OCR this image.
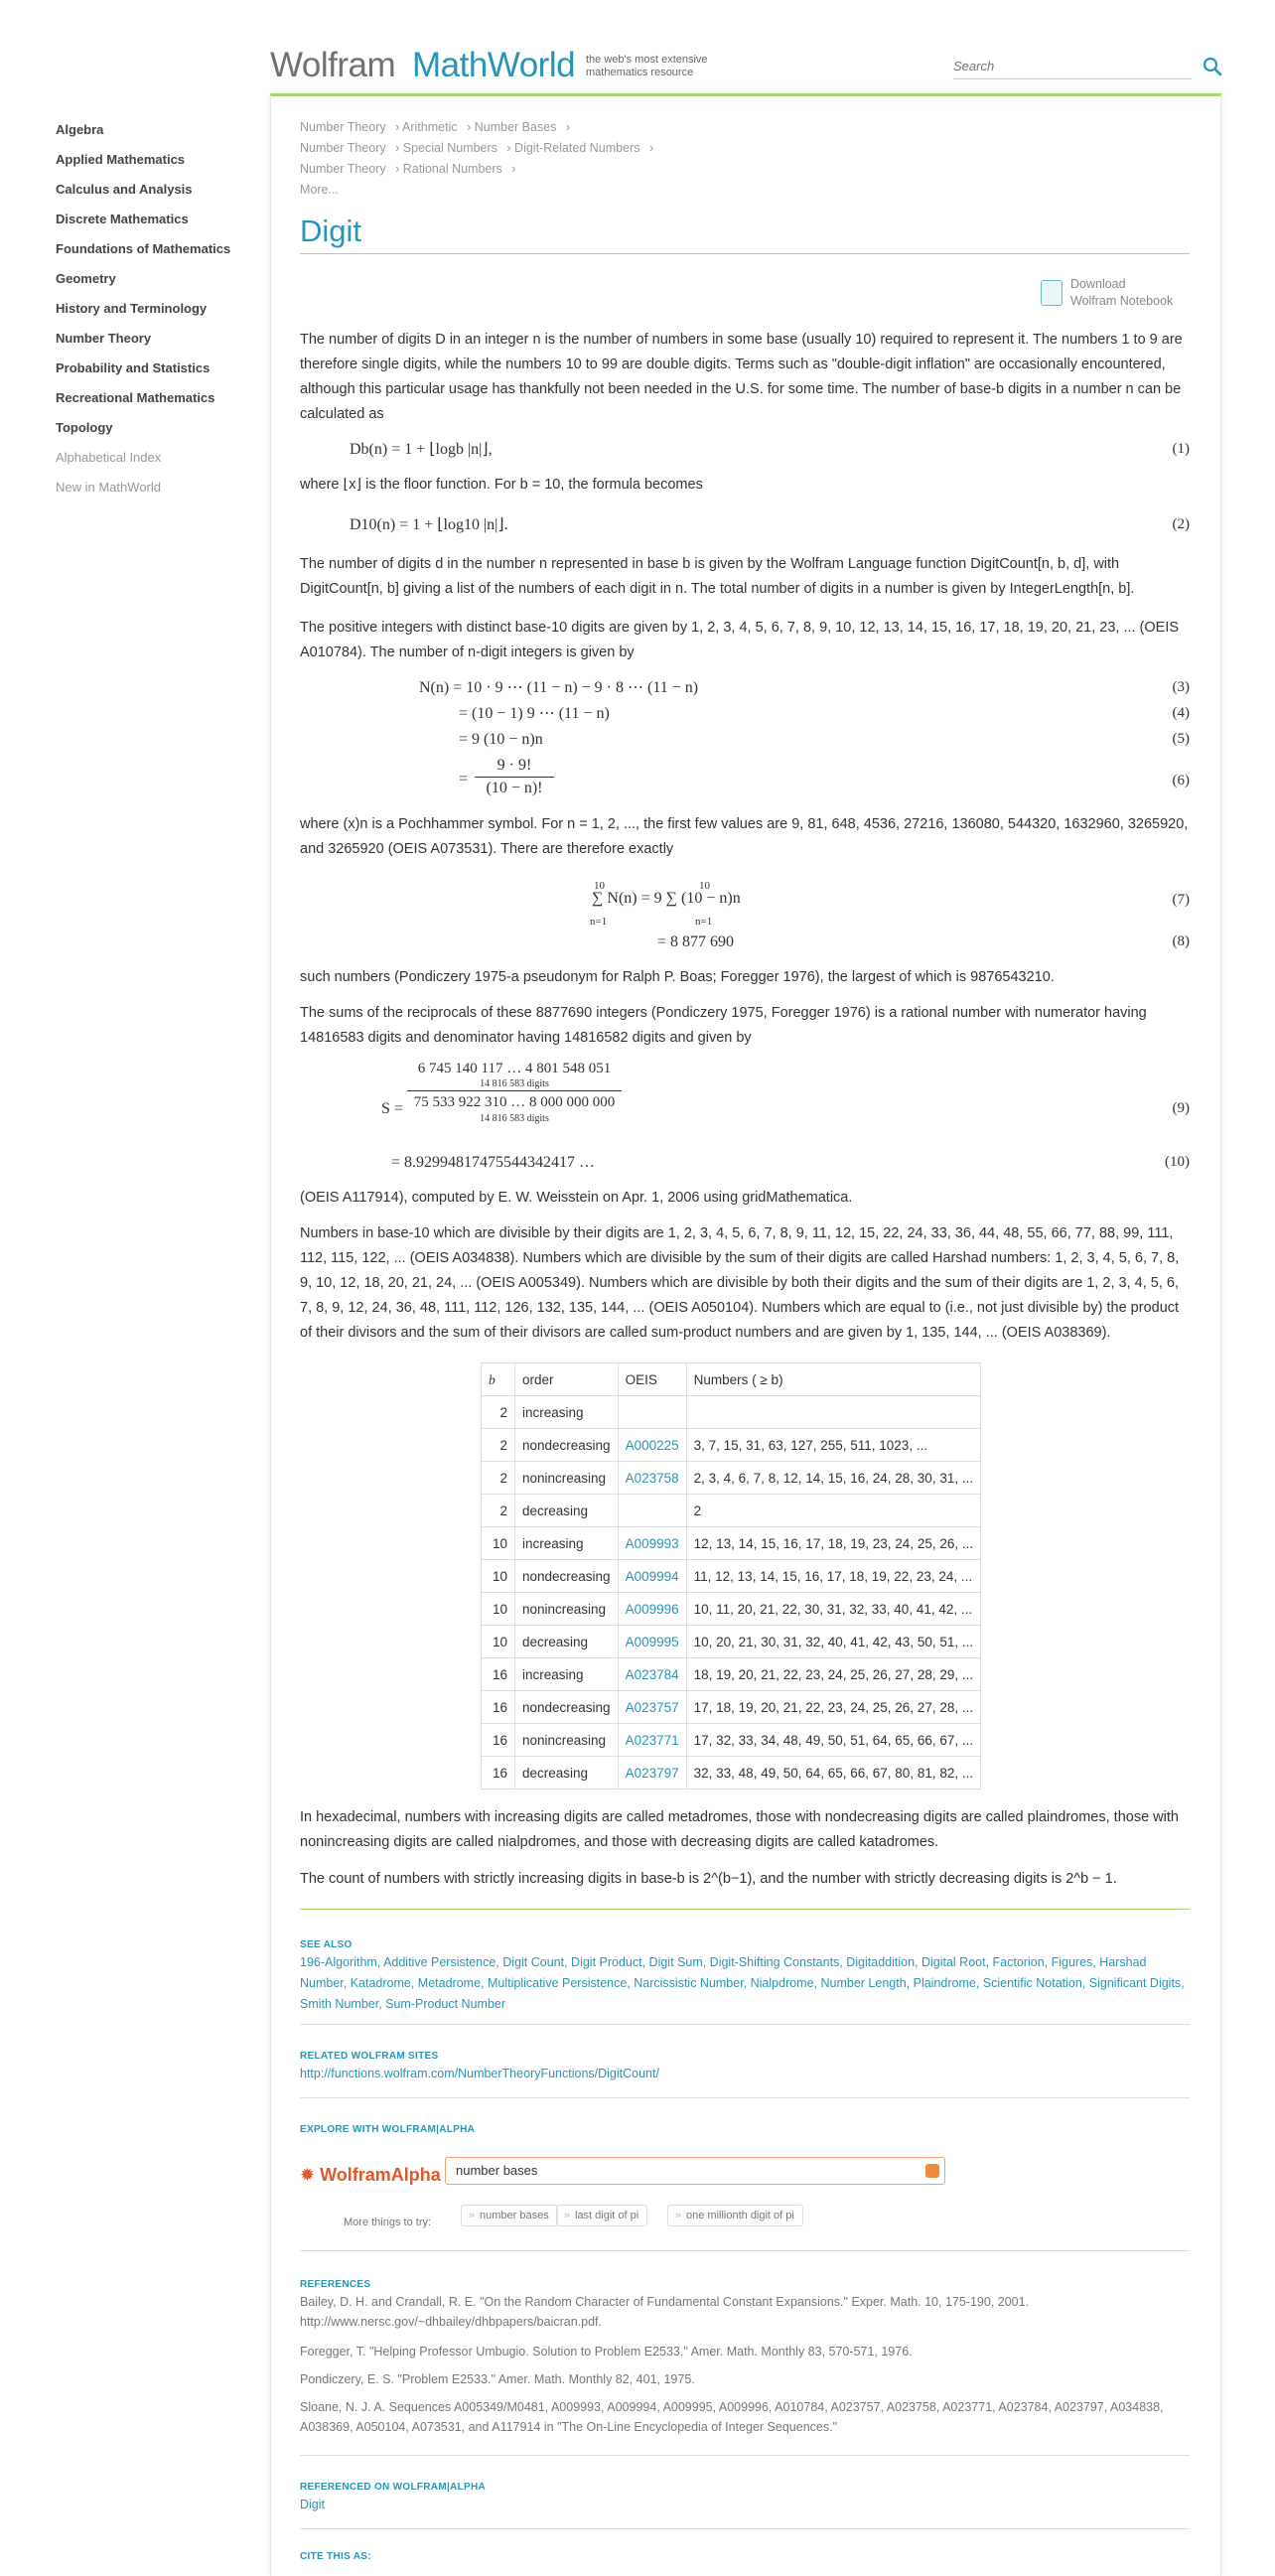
Wolfram MathWorld the web's most extensive mathematics resource
Search
Algebra
Applied Mathematics
Calculus and Analysis
Discrete Mathematics
Foundations of Mathematics
Geometry
History and Terminology
Number Theory
Probability and Statistics
Recreational Mathematics
Topology
Alphabetical Index
New in MathWorld
Number Theory › Arithmetic › Number Bases ›
Number Theory › Special Numbers › Digit-Related Numbers ›
Number Theory › Rational Numbers ›
More...
Digit
Download
Wolfram Notebook

The number of digits D in an integer n is the number of numbers in some base (usually 10) required to represent it. The numbers 1 to 9 are therefore single digits, while the numbers 10 to 99 are double digits. Terms such as "double-digit inflation" are occasionally encountered, although this particular usage has thankfully not been needed in the U.S. for some time. The number of base-b digits in a number n can be calculated as

Db(n) = 1 + ⌊logb |n|⌋,	(1)

where ⌊x⌋ is the floor function. For b = 10, the formula becomes

D10(n) = 1 + ⌊log10 |n|⌋.	(2)

The number of digits d in the number n represented in base b is given by the Wolfram Language function DigitCount[n, b, d], with DigitCount[n, b] giving a list of the numbers of each digit in n. The total number of digits in a number is given by IntegerLength[n, b].

The positive integers with distinct base-10 digits are given by 1, 2, 3, 4, 5, 6, 7, 8, 9, 10, 12, 13, 14, 15, 16, 17, 18, 19, 20, 21, 23, ... (OEIS A010784). The number of n-digit integers is given by

N(n) = 10 · 9 ⋯ (11 − n) − 9 · 8 ⋯ (11 − n)	(3)
= (10 − 1) 9 ⋯ (11 − n)	(4)
= 9 (10 − n)n	(5)
= $\frac{9 \cdot 9!}{(10 - n)!}$	(6)

where (x)n is a Pochhammer symbol. For n = 1, 2, ..., the first few values are 9, 81, 648, 4536, 27216, 136080, 544320, 1632960, 3265920, and 3265920 (OEIS A073531). There are therefore exactly

10	10
∑ N(n) = 9 ∑ (10 − n)n
n=1	n=1
(7)
= 8 877 690	(8)

such numbers (Pondiczery 1975-a pseudonym for Ralph P. Boas; Foregger 1976), the largest of which is 9876543210.

The sums of the reciprocals of these 8877690 integers (Pondiczery 1975, Foregger 1976) is a rational number with numerator having 14816583 digits and denominator having 14816582 digits and given by

S =
6 745 140 117 … 4 801 548 051
14 816 583 digits
75 533 922 310 … 8 000 000 000
14 816 583 digits
(9)
= 8.92994817475544342417 …	(10)

(OEIS A117914), computed by E. W. Weisstein on Apr. 1, 2006 using gridMathematica.

Numbers in base-10 which are divisible by their digits are 1, 2, 3, 4, 5, 6, 7, 8, 9, 11, 12, 15, 22, 24, 33, 36, 44, 48, 55, 66, 77, 88, 99, 111, 112, 115, 122, ... (OEIS A034838). Numbers which are divisible by the sum of their digits are called Harshad numbers: 1, 2, 3, 4, 5, 6, 7, 8, 9, 10, 12, 18, 20, 21, 24, ... (OEIS A005349). Numbers which are divisible by both their digits and the sum of their digits are 1, 2, 3, 4, 5, 6, 7, 8, 9, 12, 24, 36, 48, 111, 112, 126, 132, 135, 144, ... (OEIS A050104). Numbers which are equal to (i.e., not just divisible by) the product of their divisors and the sum of their divisors are called sum-product numbers and are given by 1, 135, 144, ... (OEIS A038369).

b	order	OEIS	Numbers ( ≥ b)
2	increasing		
2	nondecreasing	A000225	3, 7, 15, 31, 63, 127, 255, 511, 1023, ...
2	nonincreasing	A023758	2, 3, 4, 6, 7, 8, 12, 14, 15, 16, 24, 28, 30, 31, ...
2	decreasing		2
10	increasing	A009993	12, 13, 14, 15, 16, 17, 18, 19, 23, 24, 25, 26, ...
10	nondecreasing	A009994	11, 12, 13, 14, 15, 16, 17, 18, 19, 22, 23, 24, ...
10	nonincreasing	A009996	10, 11, 20, 21, 22, 30, 31, 32, 33, 40, 41, 42, ...
10	decreasing	A009995	10, 20, 21, 30, 31, 32, 40, 41, 42, 43, 50, 51, ...
16	increasing	A023784	18, 19, 20, 21, 22, 23, 24, 25, 26, 27, 28, 29, ...
16	nondecreasing	A023757	17, 18, 19, 20, 21, 22, 23, 24, 25, 26, 27, 28, ...
16	nonincreasing	A023771	17, 32, 33, 34, 48, 49, 50, 51, 64, 65, 66, 67, ...
16	decreasing	A023797	32, 33, 48, 49, 50, 64, 65, 66, 67, 80, 81, 82, ...

In hexadecimal, numbers with increasing digits are called metadromes, those with nondecreasing digits are called plaindromes, those with nonincreasing digits are called nialpdromes, and those with decreasing digits are called katadromes.

The count of numbers with strictly increasing digits in base-b is 2^(b−1), and the number with strictly decreasing digits is 2^b − 1.

SEE ALSO

196-Algorithm, Additive Persistence, Digit Count, Digit Product, Digit Sum, Digit-Shifting Constants, Digitaddition, Digital Root, Factorion, Figures, Harshad Number, Katadrome, Metadrome, Multiplicative Persistence, Narcissistic Number, Nialpdrome, Number Length, Plaindrome, Scientific Notation, Significant Digits, Smith Number, Sum-Product Number

RELATED WOLFRAM SITES
http://functions.wolfram.com/NumberTheoryFunctions/DigitCount/
EXPLORE WITH WOLFRAM|ALPHA
✹ WolframAlpha	number bases
More things to try:
» number bases	» last digit of pi	» one millionth digit of pi
REFERENCES
Bailey, D. H. and Crandall, R. E. "On the Random Character of Fundamental Constant Expansions." Exper. Math. 10, 175-190, 2001.
http://www.nersc.gov/~dhbailey/dhbpapers/baicran.pdf.
Foregger, T. "Helping Professor Umbugio. Solution to Problem E2533." Amer. Math. Monthly 83, 570-571, 1976.
Pondiczery, E. S. "Problem E2533." Amer. Math. Monthly 82, 401, 1975.
Sloane, N. J. A. Sequences A005349/M0481, A009993, A009994, A009995, A009996, A010784, A023757, A023758, A023771, A023784, A023797, A034838, A038369, A050104, A073531, and A117914 in "The On-Line Encyclopedia of Integer Sequences."
REFERENCED ON WOLFRAM|ALPHA
Digit
CITE THIS AS:
